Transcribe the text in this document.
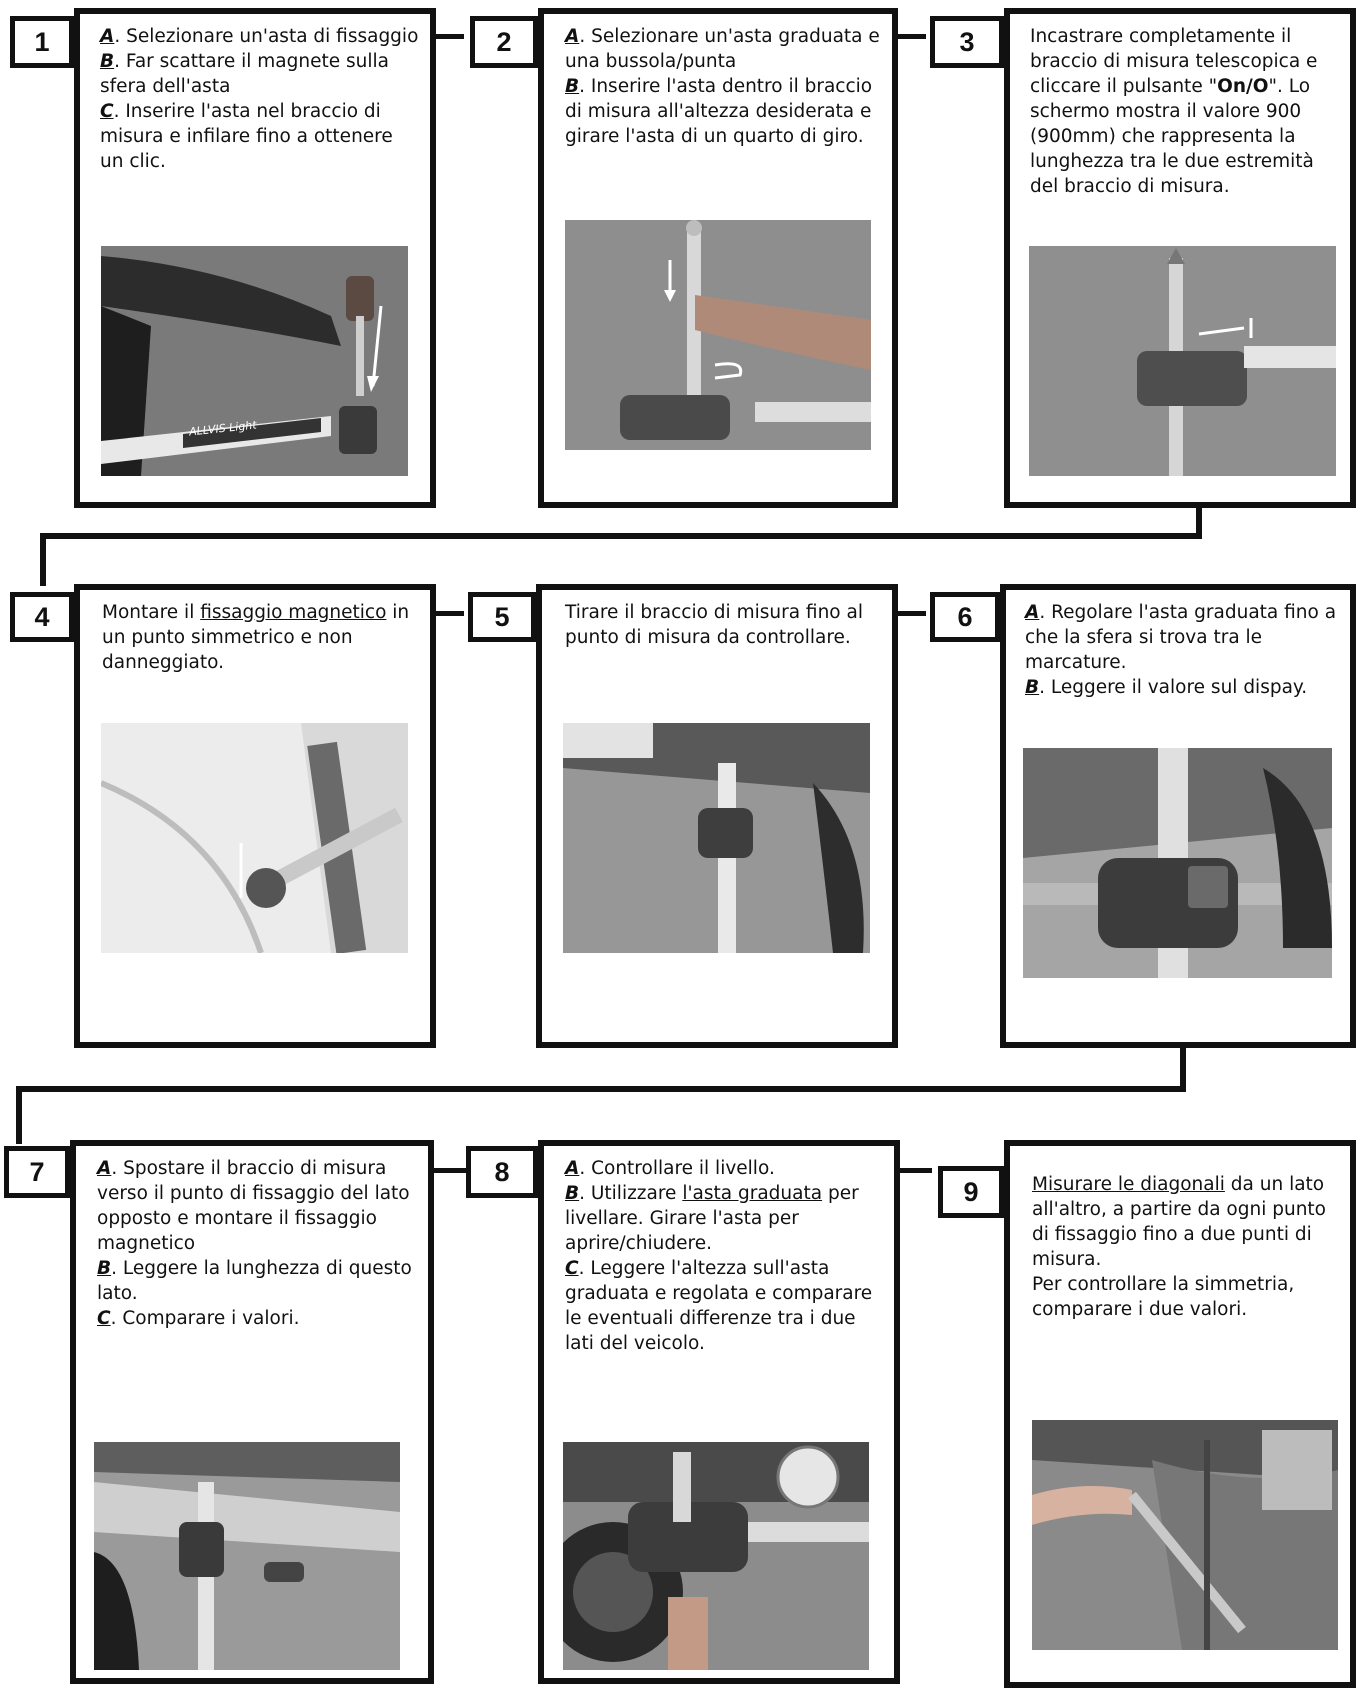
1	A. Selezionare un'asta di fissaggio

B. Far scattare il magnete sulla sfera dell'asta

C. Inserire l'asta nel braccio di misura e infilare fino a ottenere un clic.

ALLVIS Light
2	A. Selezionare un'asta graduata e una bussola/punta

B. Inserire l'asta dentro il braccio di misura all'altezza desiderata e girare l'asta di un quarto di giro.

3	Incastrare completamente il braccio di misura telescopica e cliccare il pulsante "On/O". Lo schermo mostra il valore 900 (900mm) che rappresenta la lunghezza tra le due estremità del braccio di misura.

4	Montare il fissaggio magnetico in un punto simmetrico e non danneggiato.

5	Tirare il braccio di misura fino al punto di misura da controllare.

6	A. Regolare l'asta graduata fino a che la sfera si trova tra le marcature.

B. Leggere il valore sul dispay.

7	A. Spostare il braccio di misura verso il punto di fissaggio del lato opposto e montare il fissaggio magnetico

B. Leggere la lunghezza di questo lato.

C. Comparare i valori.

8	A. Controllare il livello.

B. Utilizzare l'asta graduata per livellare. Girare l'asta per aprire/chiudere.

C. Leggere l'altezza sull'asta graduata e regolata e comparare le eventuali differenze tra i due lati del veicolo.

9	Misurare le diagonali da un lato all'altro, a partire da ogni punto di fissaggio fino a due punti di misura.

Per controllare la simmetria, comparare i due valori.
